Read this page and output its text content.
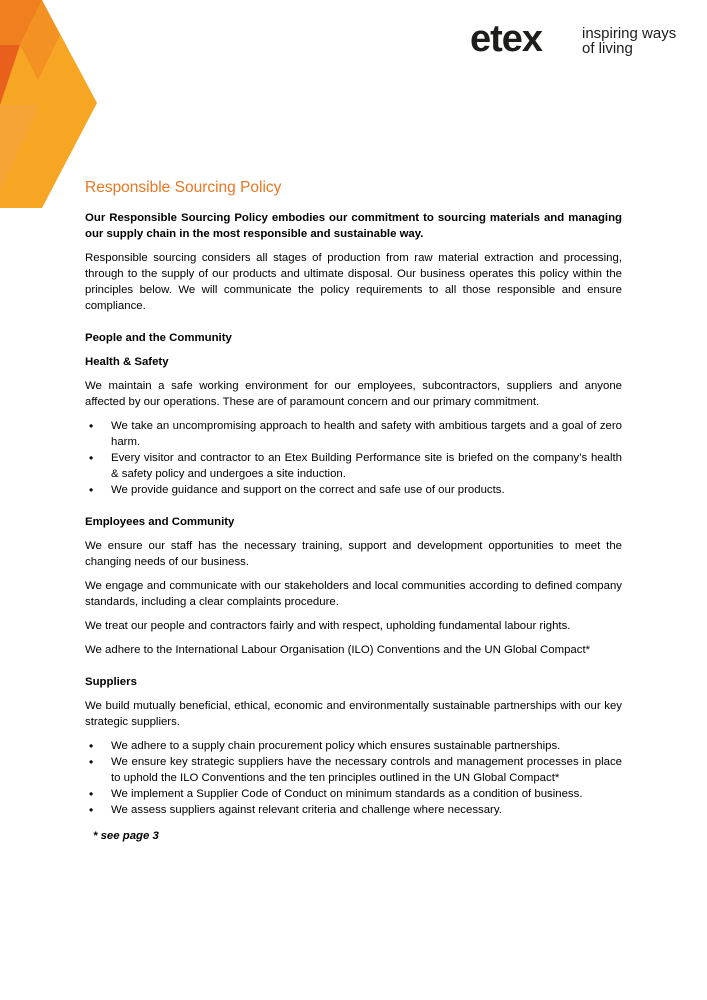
etex	inspiring ways
of living
Responsible Sourcing Policy

Our Responsible Sourcing Policy embodies our commitment to sourcing materials and managing our supply chain in the most responsible and sustainable way.

Responsible sourcing considers all stages of production from raw material extraction and processing, through to the supply of our products and ultimate disposal. Our business operates this policy within the principles below. We will communicate the policy requirements to all those responsible and ensure compliance.

People and the Community
Health & Safety

We maintain a safe working environment for our employees, subcontractors, suppliers and anyone affected by our operations. These are of paramount concern and our primary commitment.

• We take an uncompromising approach to health and safety with ambitious targets and a goal of zero harm.
• Every visitor and contractor to an Etex Building Performance site is briefed on the company’s health & safety policy and undergoes a site induction.
• We provide guidance and support on the correct and safe use of our products.
Employees and Community

We ensure our staff has the necessary training, support and development opportunities to meet the changing needs of our business.

We engage and communicate with our stakeholders and local communities according to defined company standards, including a clear complaints procedure.

We treat our people and contractors fairly and with respect, upholding fundamental labour rights.

We adhere to the International Labour Organisation (ILO) Conventions and the UN Global Compact*

Suppliers

We build mutually beneficial, ethical, economic and environmentally sustainable partnerships with our key strategic suppliers.

• We adhere to a supply chain procurement policy which ensures sustainable partnerships.
• We ensure key strategic suppliers have the necessary controls and management processes in place to uphold the ILO Conventions and the ten principles outlined in the UN Global Compact*
• We implement a Supplier Code of Conduct on minimum standards as a condition of business.
• We assess suppliers against relevant criteria and challenge where necessary.
* see page 3
